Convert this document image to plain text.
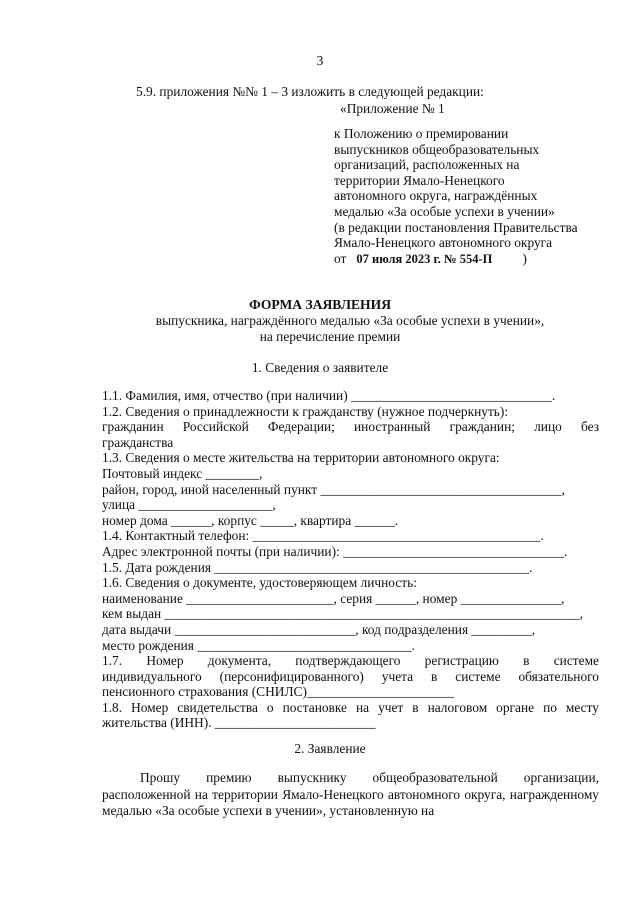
3
5.9. приложения №№ 1 – 3 изложить в следующей редакции:
«Приложение № 1
к Положению о премировании
выпускников общеобразовательных
организаций, расположенных на
территории Ямало-Ненецкого
автономного округа, награждённых
медалью «За особые успехи в учении»
(в редакции постановления Правительства
Ямало-Ненецкого автономного округа
от 07 июля 2023 г. № 554-П )
ФОРМА ЗАЯВЛЕНИЯ
выпускника, награждённого медалью «За особые успехи в учении»,
на перечисление премии
1. Сведения о заявителе
1.1. Фамилия, имя, отчество (при наличии) ______________________________.
1.2. Сведения о принадлежности к гражданству (нужное подчеркнуть):
гражданин Российской Федерации; иностранный гражданин; лицо без
гражданства
1.3. Сведения о месте жительства на территории автономного округа:
Почтовый индекс ________,
район, город, иной населенный пункт ____________________________________,
улица ____________________,
номер дома ______, корпус _____, квартира ______.
1.4. Контактный телефон: ___________________________________________.
Адрес электронной почты (при наличии): _________________________________.
1.5. Дата рождения _______________________________________________.
1.6. Сведения о документе, удостоверяющем личность:
наименование ______________________, серия ______, номер _______________,
кем выдан ______________________________________________________________,
дата выдачи ___________________________, код подразделения _________,
место рождения ________________________________.
1.7. Номер документа, подтверждающего регистрацию в системе
индивидуального (персонифицированного) учета в системе обязательного
пенсионного страхования (СНИЛС)______________________
1.8. Номер свидетельства о постановке на учет в налоговом органе по месту
жительства (ИНН). ________________________
2. Заявление
Прошу премию выпускнику общеобразовательной организации,
расположенной на территории Ямало-Ненецкого автономного округа, награжденному медалью «За особые успехи в учении», установленную на
